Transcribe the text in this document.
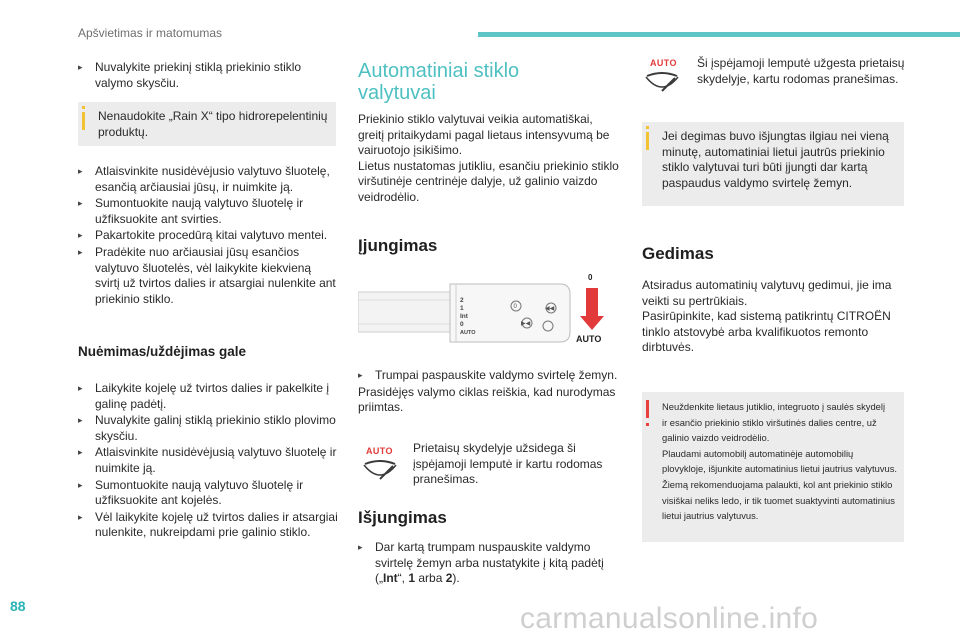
Apšvietimas ir matomumas
▸	Nuvalykite priekinį stiklą priekinio stiklo valymo skysčiu.
Nenaudokite „Rain X“ tipo hidrorepelentinių produktų.
▸	Atlaisvinkite nusidėvėjusio valytuvo šluotelę, esančią arčiausiai jūsų, ir nuimkite ją.
▸	Sumontuokite naują valytuvo šluotelę ir užfiksuokite ant svirties.
▸	Pakartokite procedūrą kitai valytuvo mentei.
▸	Pradėkite nuo arčiausiai jūsų esančios valytuvo šluotelės, vėl laikykite kiekvieną svirtį už tvirtos dalies ir atsargiai nulenkite ant priekinio stiklo.
Nuėmimas/uždėjimas gale
▸	Laikykite kojelę už tvirtos dalies ir pakelkite į galinę padėtį.
▸	Nuvalykite galinį stiklą priekinio stiklo plovimo skysčiu.
▸	Atlaisvinkite nusidėvėjusią valytuvo šluotelę ir nuimkite ją.
▸	Sumontuokite naują valytuvo šluotelę ir užfiksuokite ant kojelės.
▸	Vėl laikykite kojelę už tvirtos dalies ir atsargiai nulenkite, nukreipdami prie galinio stiklo.
Automatiniai stiklo
valytuvai
Priekinio stiklo valytuvai veikia automatiškai, greitį pritaikydami pagal lietaus intensyvumą be vairuotojo įsikišimo.
Lietus nustatomas jutikliu, esančiu priekinio stiklo viršutinėje centrinėje dalyje, už galinio vaizdo veidrodėlio.
Įjungimas
2
1
Int
0
AUTO
0
▶◀
◀◀
0
AUTO
▸	Trumpai paspauskite valdymo svirtelę žemyn.
Prasidėjęs valymo ciklas reiškia, kad nurodymas priimtas.
AUTO	Prietaisų skydelyje užsidega ši įspėjamoji lemputė ir kartu rodomas pranešimas.
Išjungimas
▸	Dar kartą trumpam nuspauskite valdymo svirtelę žemyn arba nustatykite į kitą padėtį („Int“, 1 arba 2).
AUTO	Ši įspėjamoji lemputė užgesta prietaisų skydelyje, kartu rodomas pranešimas.
Jei degimas buvo išjungtas ilgiau nei vieną minutę, automatiniai lietui jautrūs priekinio stiklo valytuvai turi būti įjungti dar kartą paspaudus valdymo svirtelę žemyn.
Gedimas
Atsiradus automatinių valytuvų gedimui, jie ima veikti su pertrūkiais.
Pasirūpinkite, kad sistemą patikrintų CITROËN tinklo atstovybė arba kvalifikuotos remonto dirbtuvės.
Neuždenkite lietaus jutiklio, integruoto į saulės skydelį
ir esančio priekinio stiklo viršutinės dalies centre, už
galinio vaizdo veidrodėlio.
Plaudami automobilį automatinėje automobilių
plovykloje, išjunkite automatinius lietui jautrius valytuvus.
Žiemą rekomenduojama palaukti, kol ant priekinio stiklo
visiškai neliks ledo, ir tik tuomet suaktyvinti automatinius
lietui jautrius valytuvus.
88	carmanualsonline.info
